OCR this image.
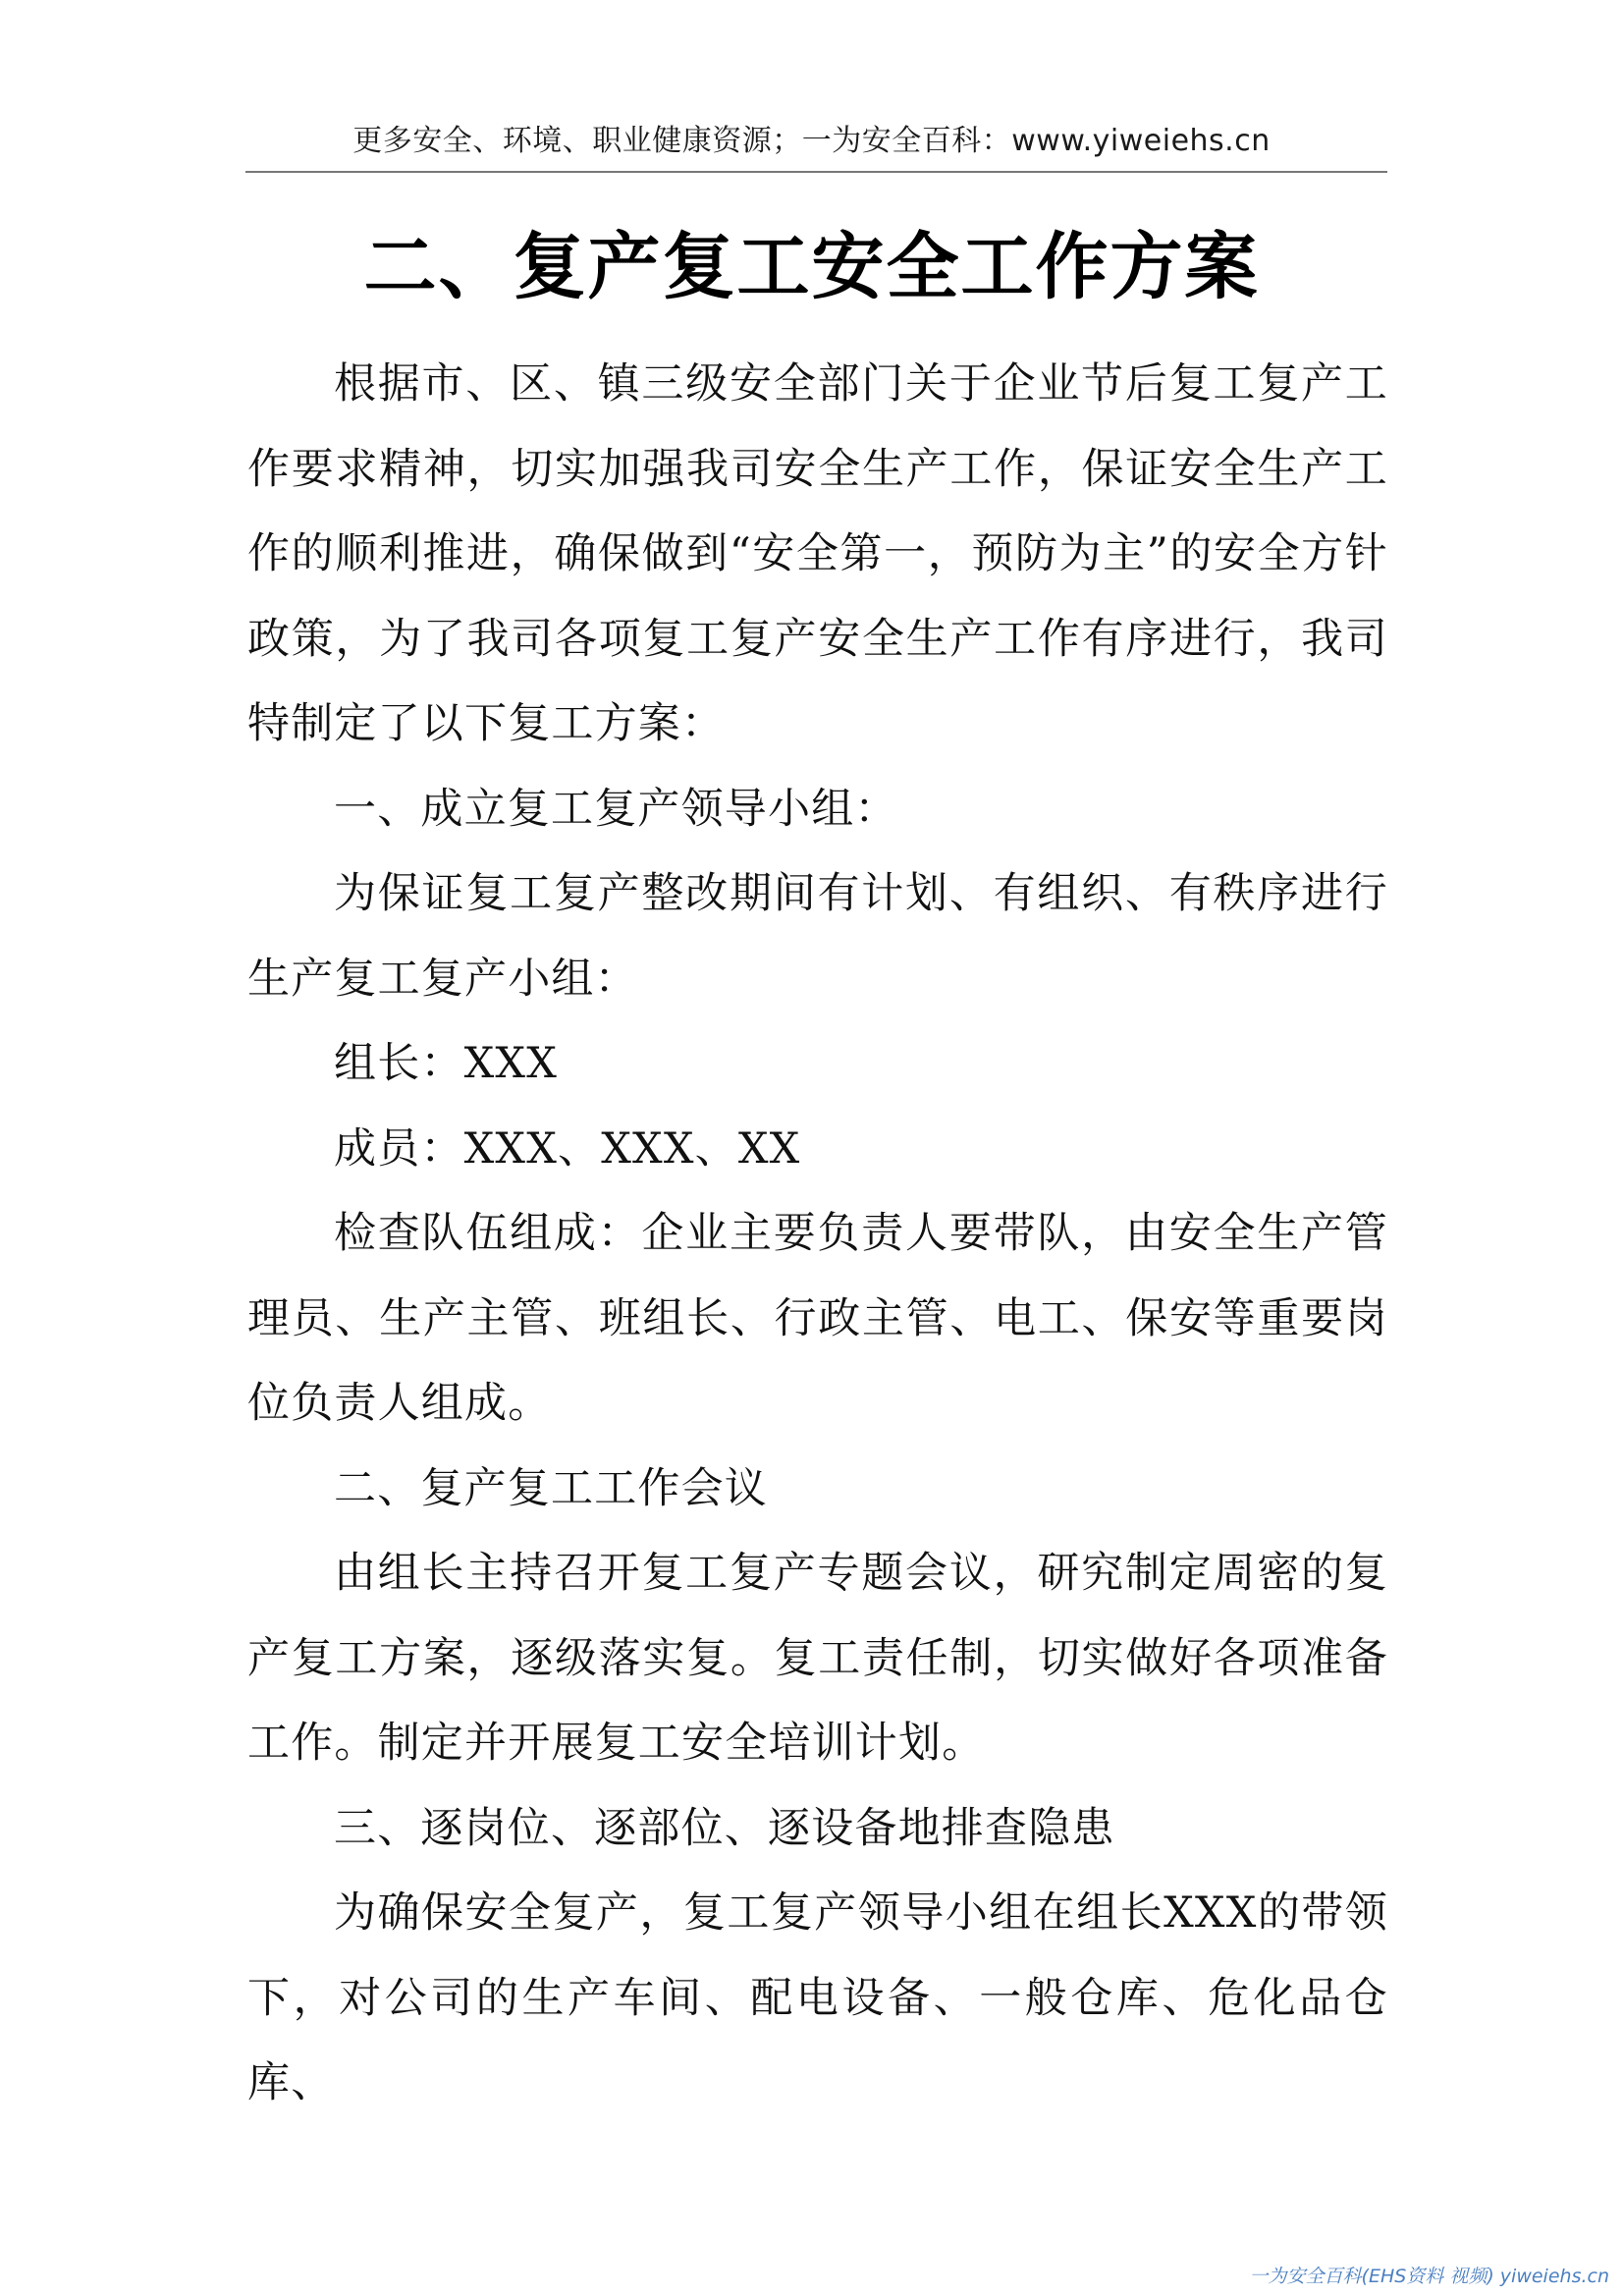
更多安全、环境、职业健康资源；一为安全百科：www.yiweiehs.cn
二、复产复工安全工作方案

根据市、区、镇三级安全部门关于企业节后复工复产工作要求精神，切实加强我司安全生产工作，保证安全生产工作的顺利推进，确保做到“安全第一，预防为主”的安全方针政策，为了我司各项复工复产安全生产工作有序进行，我司特制定了以下复工方案：

一、成立复工复产领导小组：

为保证复工复产整改期间有计划、有组织、有秩序进行生产复工复产小组：

组长：XXX

成员：XXX、XXX、XX

检查队伍组成：企业主要负责人要带队，由安全生产管理员、生产主管、班组长、行政主管、电工、保安等重要岗位负责人组成。

二、复产复工工作会议

由组长主持召开复工复产专题会议，研究制定周密的复产复工方案，逐级落实复。复工责任制，切实做好各项准备工作。制定并开展复工安全培训计划。

三、逐岗位、逐部位、逐设备地排查隐患

为确保安全复产，复工复产领导小组在组长XXX的带领下，对公司的生产车间、配电设备、一般仓库、危化品仓库、

一为安全百科(EHS资料 视频) yiweiehs.cn
